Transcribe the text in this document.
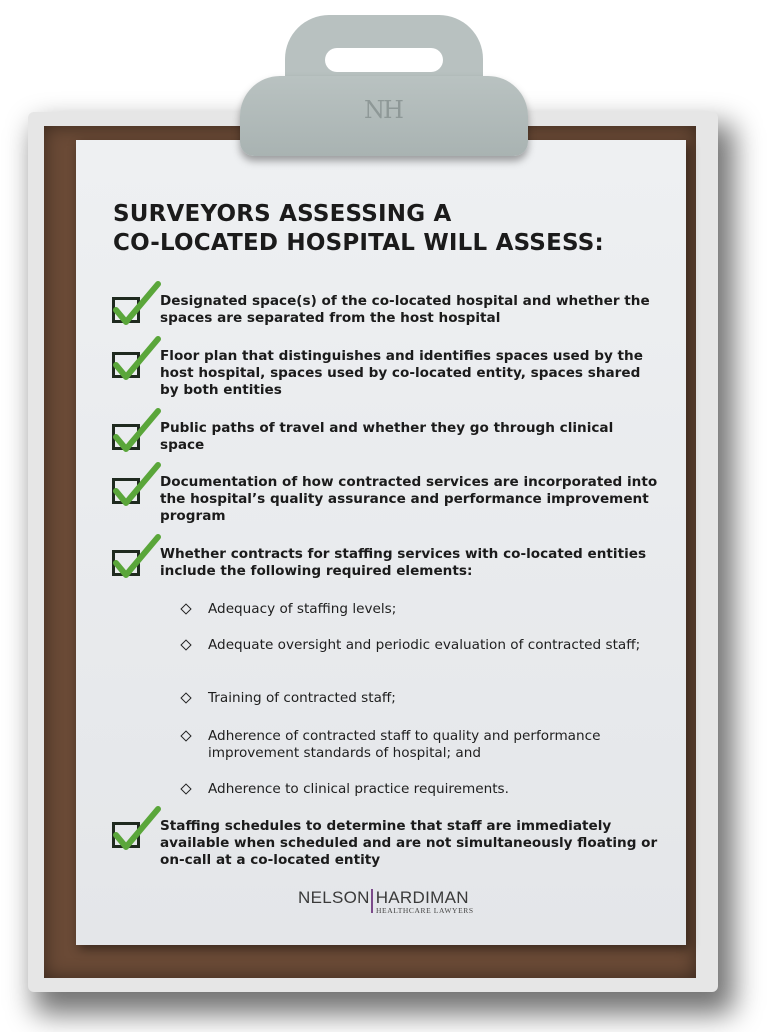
NH
SURVEYORS ASSESSING A
CO-LOCATED HOSPITAL WILL ASSESS:
Designated space(s) of the co-located hospital and whether the spaces are separated from the host hospital
Floor plan that distinguishes and identifies spaces used by the host hospital, spaces used by co-located entity, spaces shared by both entities
Public paths of travel and whether they go through clinical space
Documentation of how contracted services are incorporated into the hospital’s quality assurance and performance improvement program
Whether contracts for staffing services with co-located entities include the following required elements:
Adequacy of staffing levels;
Adequate oversight and periodic evaluation of contracted staff;
Training of contracted staff;
Adherence of contracted staff to quality and performance improvement standards of hospital; and
Adherence to clinical practice requirements.
Staffing schedules to determine that staff are immediately available when scheduled and are not simultaneously floating or on-call at a co-located entity
NELSON HARDIMAN
HEALTHCARE LAWYERS
